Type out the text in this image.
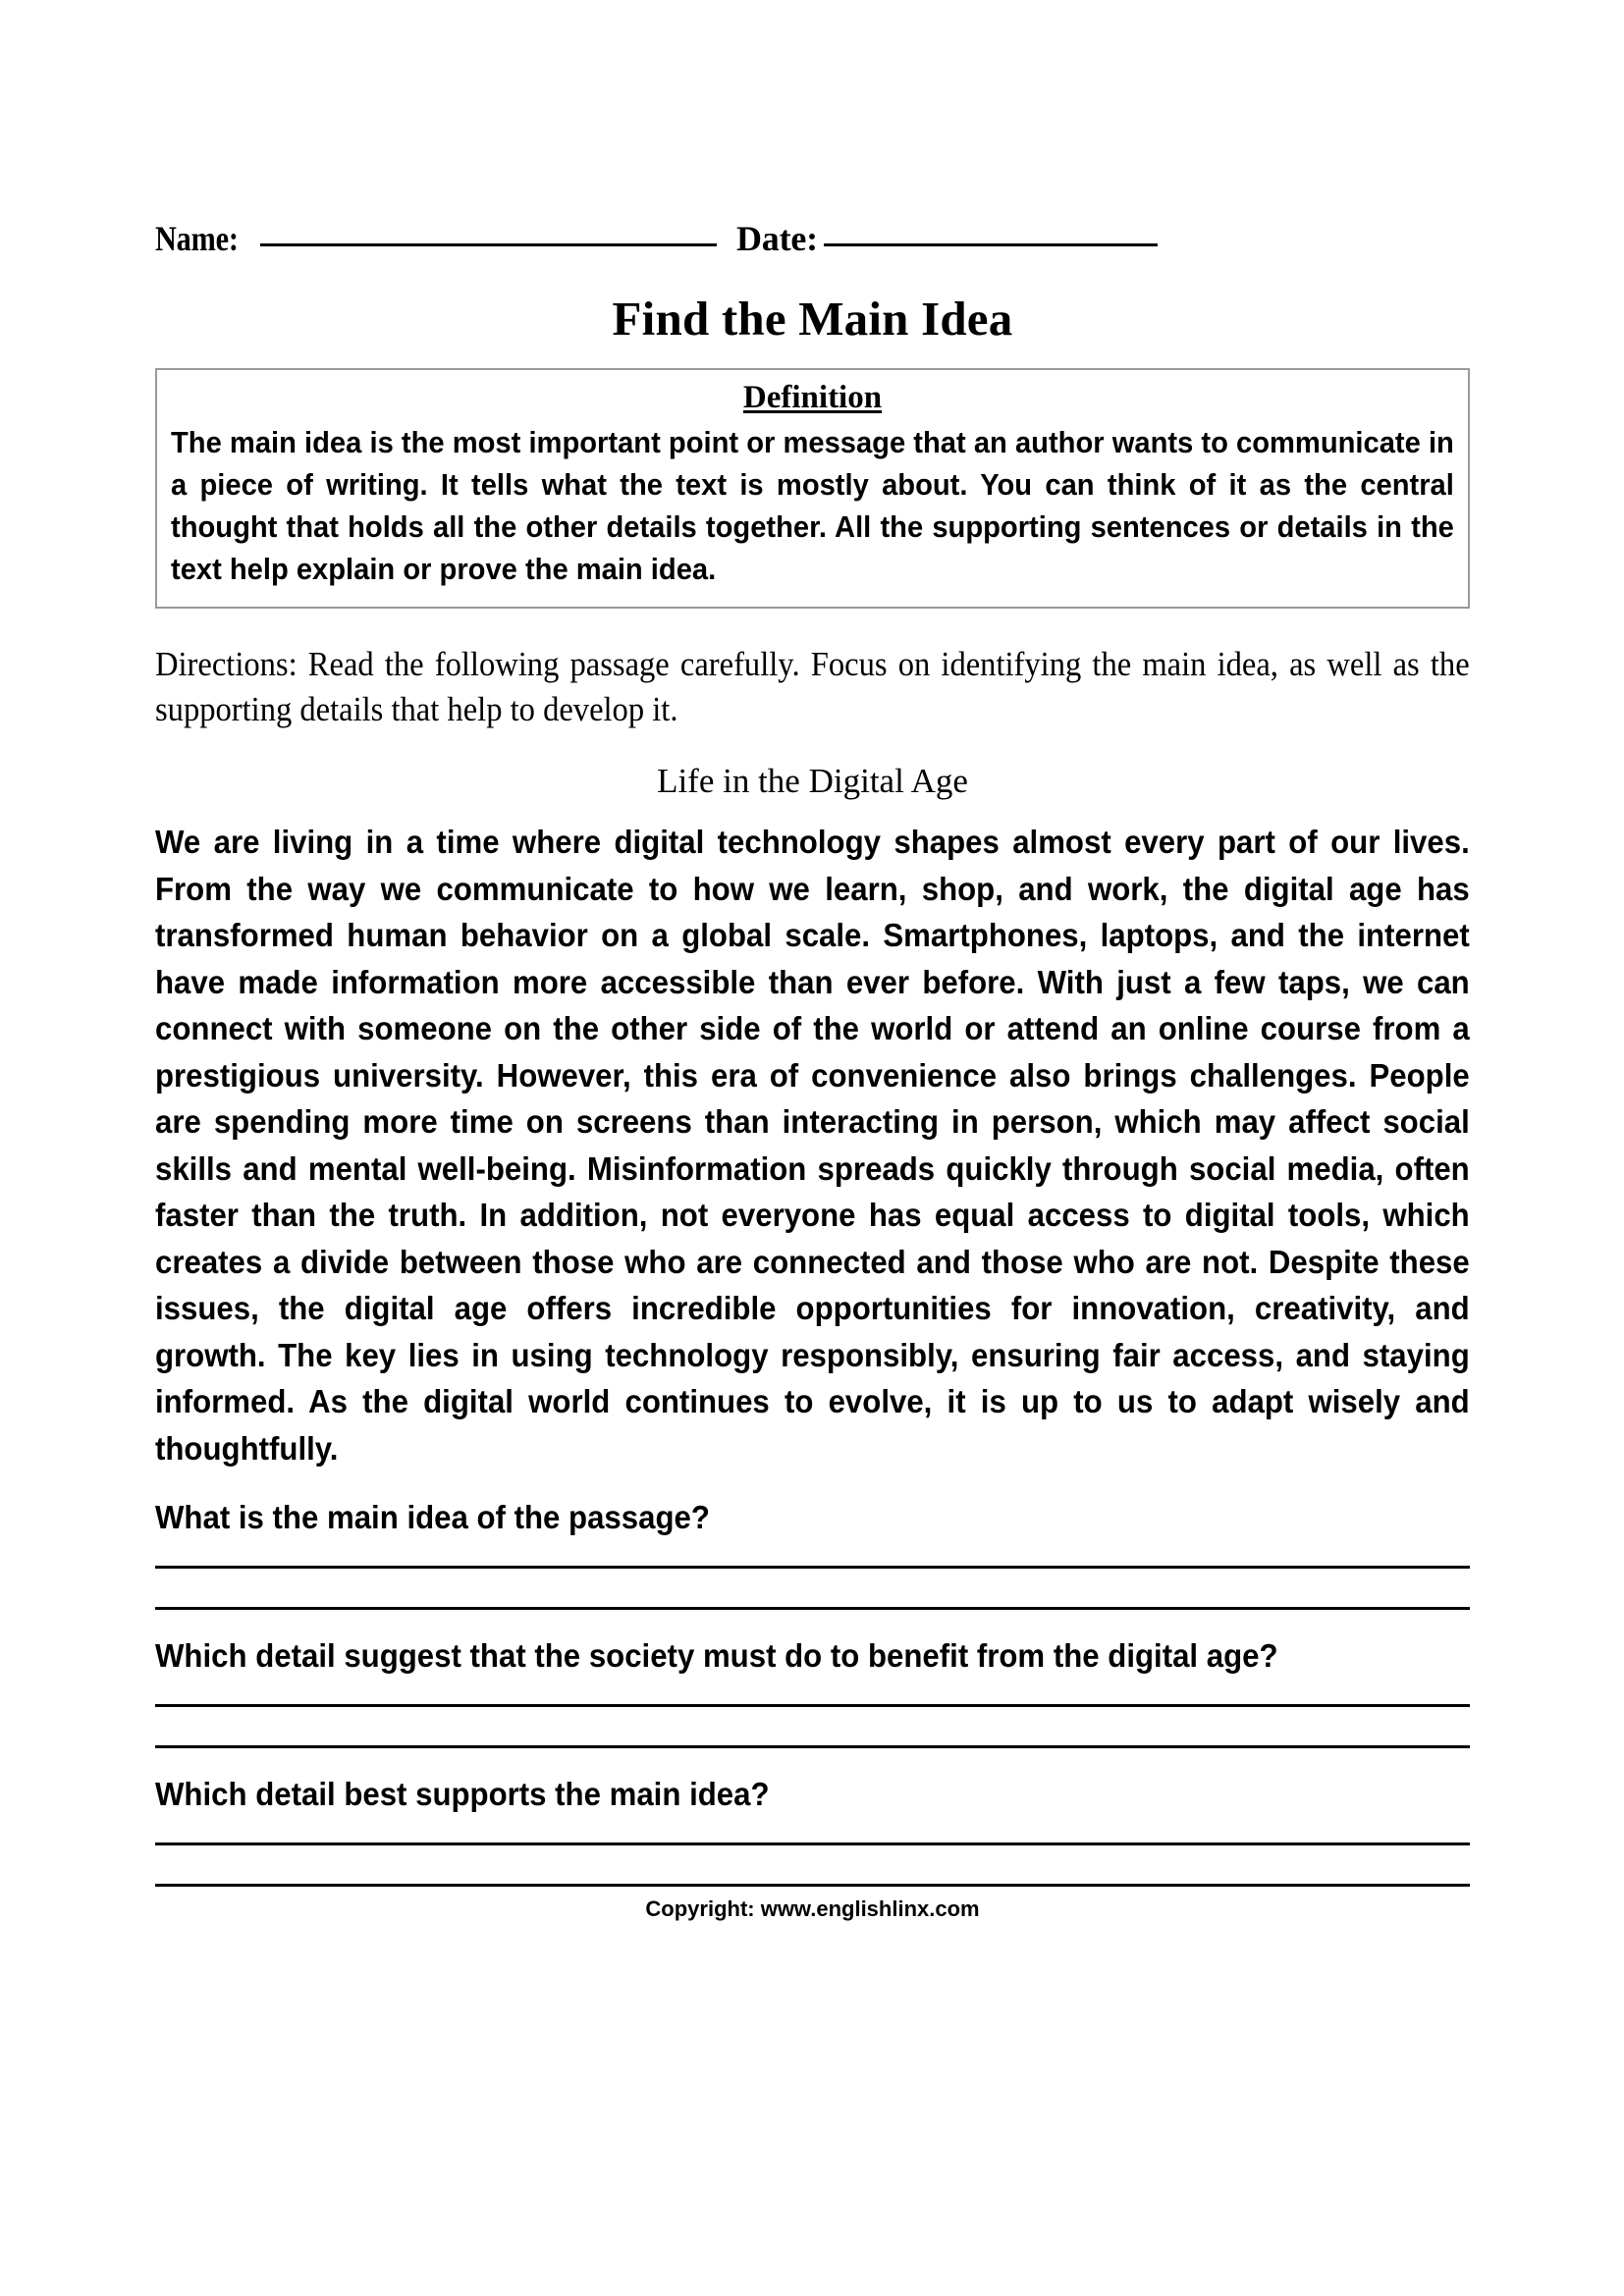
Name:	Date:
Find the Main Idea
Definition
The main idea is the most important point or message that an author wants to communicate in a piece of writing. It tells what the text is mostly about. You can think of it as the central thought that holds all the other details together. All the supporting sentences or details in the text help explain or prove the main idea.
Directions: Read the following passage carefully. Focus on identifying the main idea, as well as the supporting details that help to develop it.
Life in the Digital Age
We are living in a time where digital technology shapes almost every part of our lives. From the way we communicate to how we learn, shop, and work, the digital age has transformed human behavior on a global scale. Smartphones, laptops, and the internet have made information more accessible than ever before. With just a few taps, we can connect with someone on the other side of the world or attend an online course from a prestigious university. However, this era of convenience also brings challenges. People are spending more time on screens than interacting in person, which may affect social skills and mental well-being. Misinformation spreads quickly through social media, often faster than the truth. In addition, not everyone has equal access to digital tools, which creates a divide between those who are connected and those who are not. Despite these issues, the digital age offers incredible opportunities for innovation, creativity, and growth. The key lies in using technology responsibly, ensuring fair access, and staying informed. As the digital world continues to evolve, it is up to us to adapt wisely and thoughtfully.
What is the main idea of the passage?
Which detail suggest that the society must do to benefit from the digital age?
Which detail best supports the main idea?
Copyright: www.englishlinx.com
